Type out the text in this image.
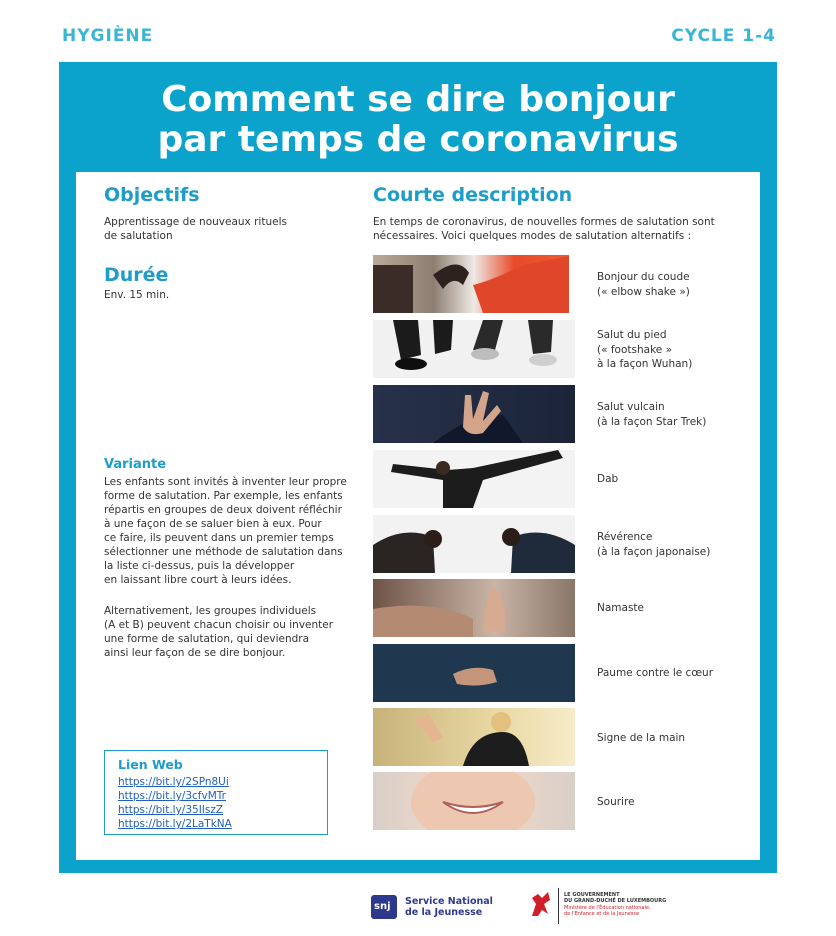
HYGIÈNE	CYCLE 1-4
Comment se dire bonjour
par temps de coronavirus
Objectifs
Apprentissage de nouveaux rituels
de salutation
Durée
Env. 15 min.
Variante
Les enfants sont invités à inventer leur propre
forme de salutation. Par exemple, les enfants
répartis en groupes de deux doivent réfléchir
à une façon de se saluer bien à eux. Pour
ce faire, ils peuvent dans un premier temps
sélectionner une méthode de salutation dans
la liste ci-dessus, puis la développer
en laissant libre court à leurs idées.
Alternativement, les groupes individuels
(A et B) peuvent chacun choisir ou inventer
une forme de salutation, qui deviendra
ainsi leur façon de se dire bonjour.
Lien Web
https://bit.ly/2SPn8Ui
https://bit.ly/3cfvMTr
https://bit.ly/35IIszZ
https://bit.ly/2LaTkNA
Courte description
En temps de coronavirus, de nouvelles formes de salutation sont
nécessaires. Voici quelques modes de salutation alternatifs :
Bonjour du coude
(« elbow shake »)
Salut du pied
(« footshake »
à la façon Wuhan)
Salut vulcain
(à la façon Star Trek)
Dab
Révérence
(à la façon japonaise)
Namaste
Paume contre le cœur
Signe de la main
Sourire
snj Service National
de la Jeunesse
LE GOUVERNEMENT
DU GRAND-DUCHÉ DE LUXEMBOURG
Ministère de l'Éducation nationale,
de l'Enfance et de la Jeunesse
